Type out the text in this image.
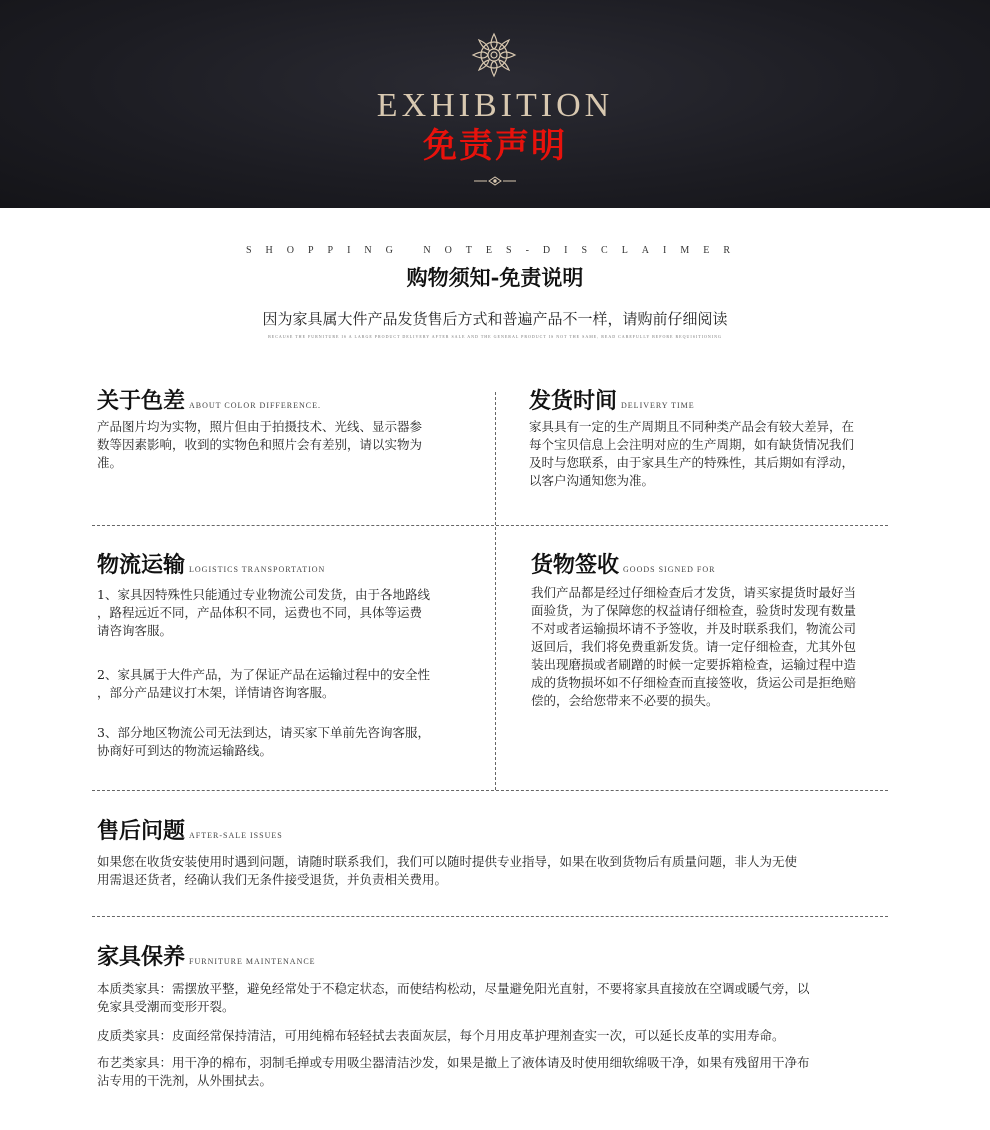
EXHIBITION
免责声明
SHOPPING NOTES-DISCLAIMER
购物须知-免责说明
因为家具属大件产品发货售后方式和普遍产品不一样，请购前仔细阅读
BECAUSE THE FURNITURE IS A LARGE PRODUCT DELIVERY AFTER SALE AND THE GENERAL PRODUCT IS NOT THE SAME, READ CAREFULLY BEFORE REQUISITIONING
关于色差 ABOUT COLOR DIFFERENCE.
产品图片均为实物，照片但由于拍摄技术、光线、显示器参
数等因素影响，收到的实物色和照片会有差别，请以实物为
准。
发货时间 DELIVERY TIME
家具具有一定的生产周期且不同种类产品会有较大差异，在
每个宝贝信息上会注明对应的生产周期，如有缺货情况我们
及时与您联系，由于家具生产的特殊性，其后期如有浮动，
以客户沟通知您为准。
物流运输 LOGISTICS TRANSPORTATION
1、家具因特殊性只能通过专业物流公司发货，由于各地路线
，路程远近不同，产品体积不同，运费也不同，具体等运费
请咨询客服。
2、家具属于大件产品，为了保证产品在运输过程中的安全性
，部分产品建议打木架，详情请咨询客服。
3、部分地区物流公司无法到达，请买家下单前先咨询客服，
协商好可到达的物流运输路线。
货物签收 GOODS SIGNED FOR
我们产品都是经过仔细检查后才发货，请买家提货时最好当
面验货，为了保障您的权益请仔细检查，验货时发现有数量
不对或者运输损坏请不予签收，并及时联系我们，物流公司
返回后，我们将免费重新发货。请一定仔细检查，尤其外包
装出现磨损或者刷蹭的时候一定要拆箱检查，运输过程中造
成的货物损坏如不仔细检查而直接签收，货运公司是拒绝赔
偿的，会给您带来不必要的损失。
售后问题 AFTER-SALE ISSUES
如果您在收货安装使用时遇到问题，请随时联系我们，我们可以随时提供专业指导，如果在收到货物后有质量问题，非人为无使
用需退还货者，经确认我们无条件接受退货，并负责相关费用。
家具保养 FURNITURE MAINTENANCE
本质类家具：需摆放平整，避免经常处于不稳定状态，而使结构松动，尽量避免阳光直射，不要将家具直接放在空调或暖气旁，以
免家具受潮而变形开裂。
皮质类家具：皮面经常保持清洁，可用纯棉布轻轻拭去表面灰层，每个月用皮革护理剂查实一次，可以延长皮革的实用寿命。
布艺类家具：用干净的棉布，羽制毛掸或专用吸尘器清洁沙发，如果是撤上了液体请及时使用细软绵吸干净，如果有残留用干净布
沾专用的干洗剂，从外围拭去。
